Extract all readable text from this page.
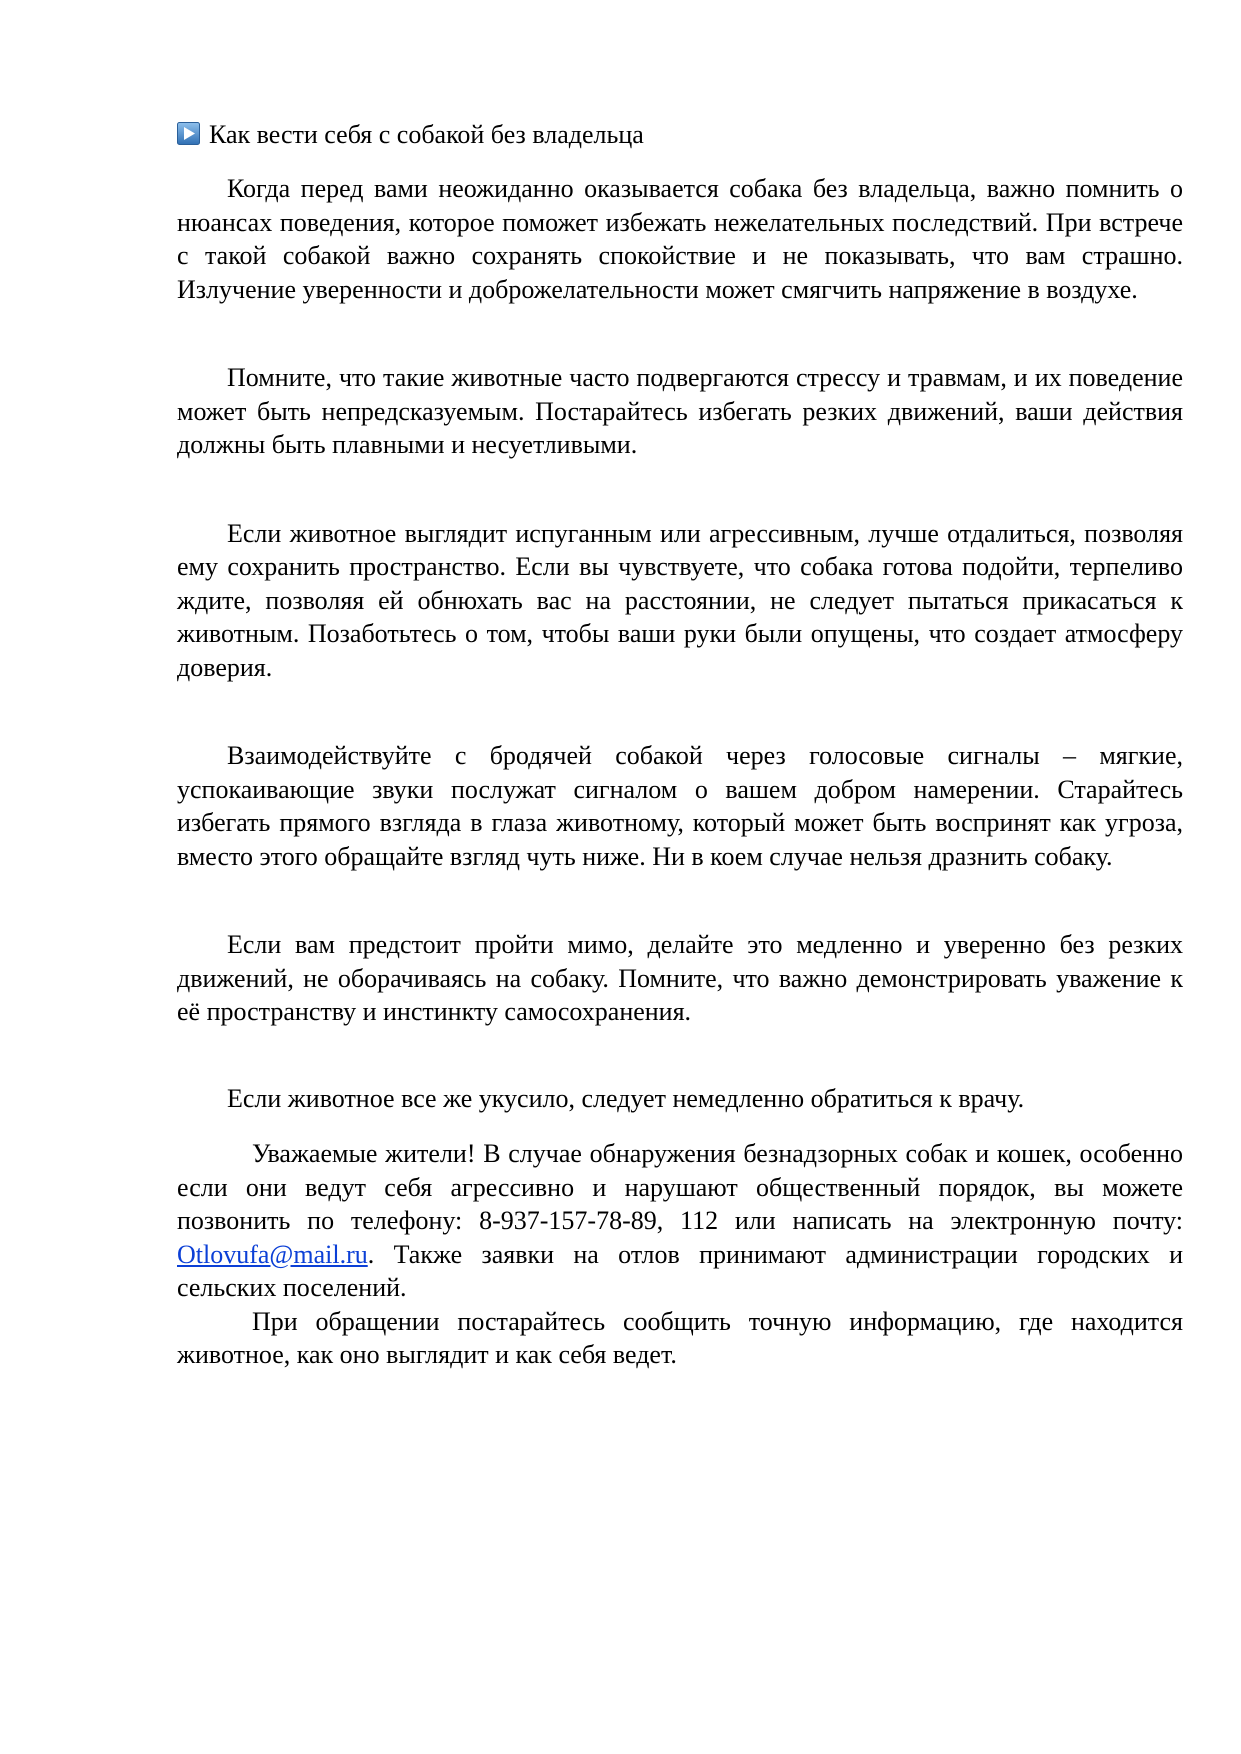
Как вести себя с собакой без владельца

Когда перед вами неожиданно оказывается собака без владельца, важно помнить о нюансах поведения, которое поможет избежать нежелательных последствий. При встрече с такой собакой важно сохранять спокойствие и не показывать, что вам страшно. Излучение уверенности и доброжелательности может смягчить напряжение в воздухе.

Помните, что такие животные часто подвергаются стрессу и травмам, и их поведение может быть непредсказуемым. Постарайтесь избегать резких движений, ваши действия должны быть плавными и несуетливыми.

Если животное выглядит испуганным или агрессивным, лучше отдалиться, позволяя ему сохранить пространство. Если вы чувствуете, что собака готова подойти, терпеливо ждите, позволяя ей обнюхать вас на расстоянии, не следует пытаться прикасаться к животным. Позаботьтесь о том, чтобы ваши руки были опущены, что создает атмосферу доверия.

Взаимодействуйте с бродячей собакой через голосовые сигналы – мягкие, успокаивающие звуки послужат сигналом о вашем добром намерении. Старайтесь избегать прямого взгляда в глаза животному, который может быть воспринят как угроза, вместо этого обращайте взгляд чуть ниже. Ни в коем случае нельзя дразнить собаку.

Если вам предстоит пройти мимо, делайте это медленно и уверенно без резких движений, не оборачиваясь на собаку. Помните, что важно демонстрировать уважение к её пространству и инстинкту самосохранения.

Если животное все же укусило, следует немедленно обратиться к врачу.

Уважаемые жители! В случае обнаружения безнадзорных собак и кошек, особенно если они ведут себя агрессивно и нарушают общественный порядок, вы можете позвонить по телефону: 8-937-157-78-89, 112 или написать на электронную почту: Otlovufa@mail.ru. Также заявки на отлов принимают администрации городских и сельских поселений.

При обращении постарайтесь сообщить точную информацию, где находится животное, как оно выглядит и как себя ведет.
